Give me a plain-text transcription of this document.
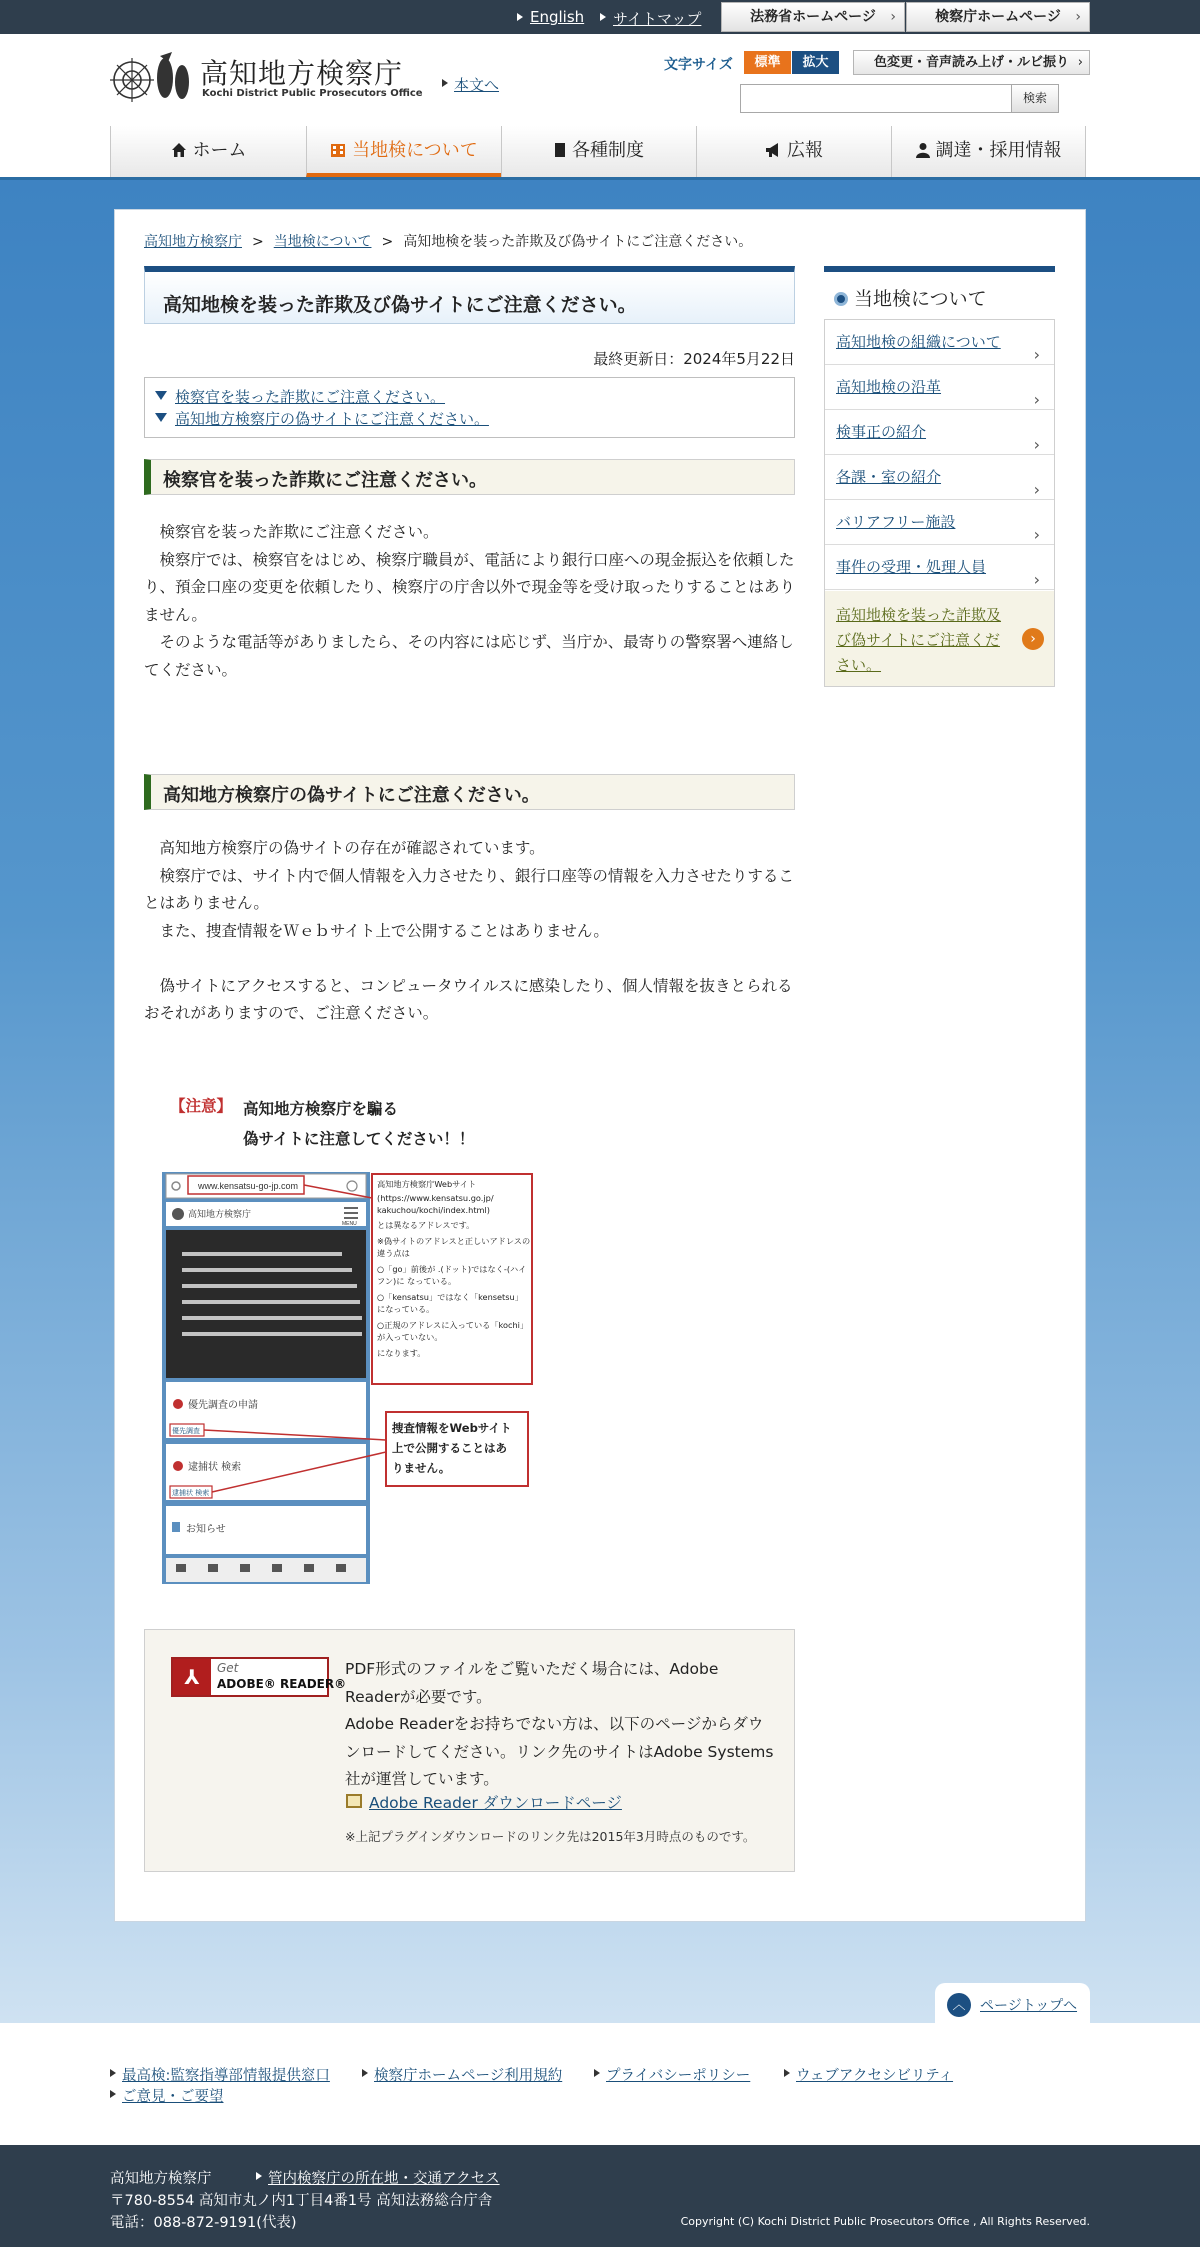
English	サイトマップ	法務省ホームページ ›	検察庁ホームページ ›
高知地方検察庁
Kochi District Public Prosecutors Office	本文へ
文字サイズ	標準	拡大	色変更・音声読み上げ・ルビ振り ›
検索
ホーム	当地検について	各種制度	広報	調達・採用情報
高知地方検察庁 > 当地検について > 高知地検を装った詐欺及び偽サイトにご注意ください。
高知地検を装った詐欺及び偽サイトにご注意ください。
最終更新日：2024年5月22日
検察官を装った詐欺にご注意ください。
高知地方検察庁の偽サイトにご注意ください。
検察官を装った詐欺にご注意ください。
　検察官を装った詐欺にご注意ください。
　検察庁では、検察官をはじめ、検察庁職員が、電話により銀行口座への現金振込を依頼したり、預金口座の変更を依頼したり、検察庁の庁舎以外で現金等を受け取ったりすることはありません。
　そのような電話等がありましたら、その内容には応じず、当庁か、最寄りの警察署へ連絡してください。
高知地方検察庁の偽サイトにご注意ください。
　高知地方検察庁の偽サイトの存在が確認されています。
　検察庁では、サイト内で個人情報を入力させたり、銀行口座等の情報を入力させたりすることはありません。
　また、捜査情報をＷｅｂサイト上で公開することはありません。
　偽サイトにアクセスすると、コンピュータウイルスに感染したり、個人情報を抜きとられるおそれがありますので、ご注意ください。
【注意】 高知地方検察庁を騙る
偽サイトに注意してください！！
www.kensatsu-go-jp.com
高知地方検察庁
MENU
優先調査の申請
優先調査
逮捕状 検索
逮捕状 検索
お知らせ
高知地方検察庁Webサイト (https://www.kensatsu.go.jp/ kakuchou/kochi/index.html) とは異なるアドレスです。 ※偽サイトのアドレスと正しいアドレスの 違う点は ○「go」前後が .(ドット)ではなく-(ハイ フン)に なっている。 ○「kensatsu」ではなく「kensetsu」 になっている。 ○正規のアドレスに入っている「kochi」 が入っていない。 になります。
捜査情報をWebサイト 上で公開することはあ りません。
⅄	Get
ADOBE® READER®
PDF形式のファイルをご覧いただく場合には、Adobe Readerが必要です。
Adobe Readerをお持ちでない方は、以下のページからダウンロードしてください。リンク先のサイトはAdobe Systems社が運営しています。
Adobe Reader ダウンロードページ
※上記プラグインダウンロードのリンク先は2015年3月時点のものです。
当地検について
高知地検の組織について
›
高知地検の沿革
›
検事正の紹介
›
各課・室の紹介
›
バリアフリー施設
›
事件の受理・処理人員
›
高知地検を装った詐欺及び偽サイトにご注意ください。
›
︿	ページトップへ
最高検:監察指導部情報提供窓口	検察庁ホームページ利用規約	プライバシーポリシー	ウェブアクセシビリティ
ご意見・ご要望
高知地方検察庁	管内検察庁の所在地・交通アクセス
〒780-8554 高知市丸ノ内1丁目4番1号 高知法務総合庁舎
電話：088-872-9191(代表)	Copyright (C) Kochi District Public Prosecutors Office , All Rights Reserved.
